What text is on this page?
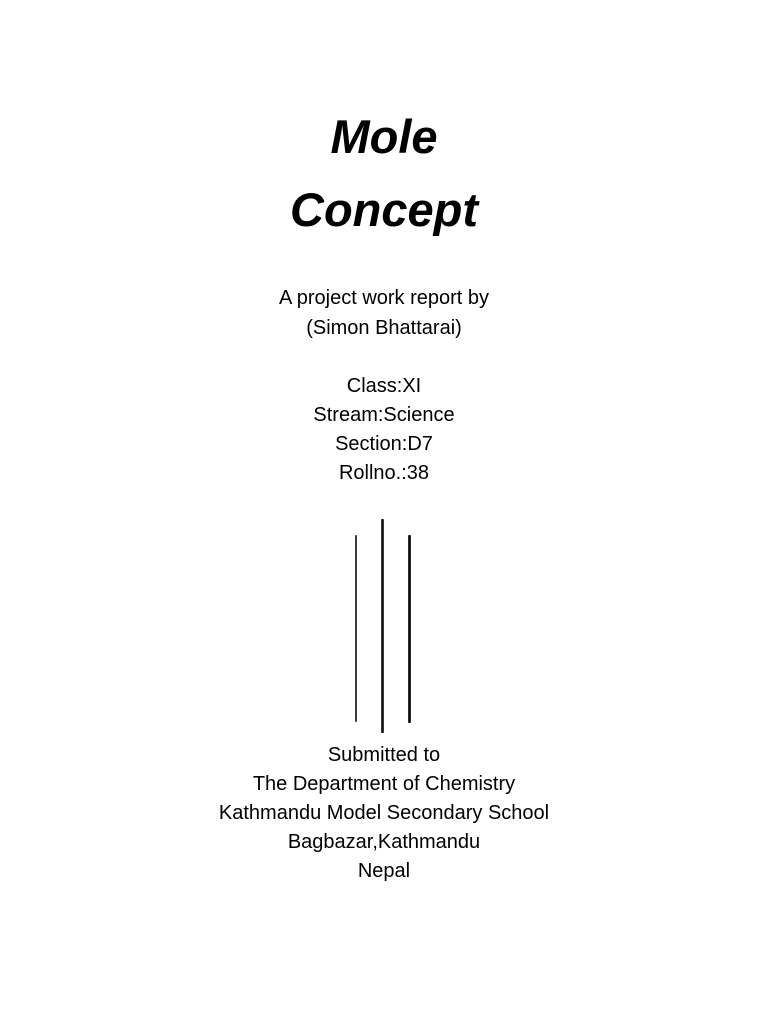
Mole
Concept

A project work report by

(Simon Bhattarai)

Class:XI

Stream:Science

Section:D7

Rollno.:38

Submitted to

The Department of Chemistry

Kathmandu Model Secondary School

Bagbazar,Kathmandu

Nepal
